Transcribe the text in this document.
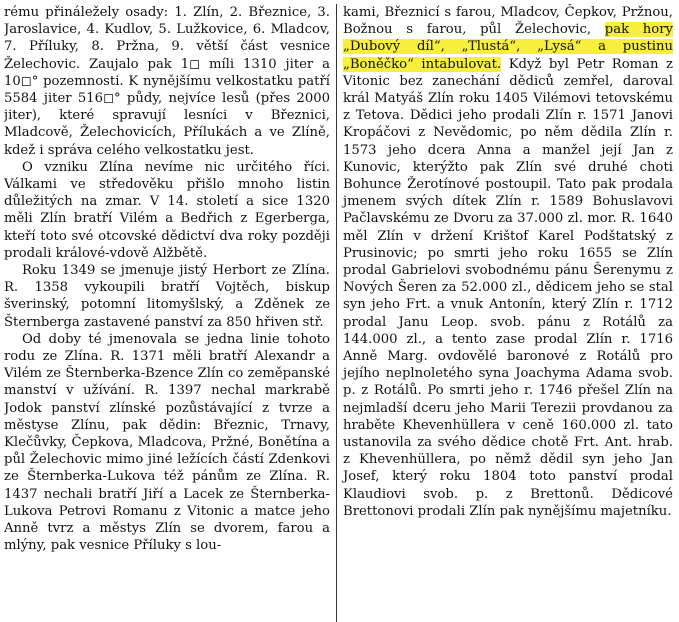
rému přináležely osady: 1. Zlín, 2. Březnice, 3. Jaroslavice, 4. Kudlov, 5. Lužkovice, 6. Mladcov, 7. Příluky, 8. Pržna, 9. větší část vesnice Želechovic. Zaujalo pak 1◻ míli 1310 jiter a 10◻° pozemnosti. K nynějšímu velkostatku patří 5584 jiter 516◻° půdy, nejvíce lesů (přes 2000 jiter), které spravují lesníci v Březnici, Mladcově, Želechovicích, Přílukách a ve Zlíně, kdež i správa celého velkostatku jest.

O vzniku Zlína nevíme nic určitého říci. Válkami ve středověku přišlo mnoho listin důležitých na zmar. V 14. století a sice 1320 měli Zlín bratří Vilém a Bedřich z Egerberga, kteří toto své otcovské dědictví dva roky později prodali králové-vdově Alžbětě.

Roku 1349 se jmenuje jistý Herbort ze Zlína. R. 1358 vykoupili bratří Vojtěch, biskup šverinský, potomní litomyšlský, a Zděnek ze Šternberga zastavené panství za 850 hřiven stř.

Od doby té jmenovala se jedna linie tohoto rodu ze Zlína. R. 1371 měli bratří Alexandr a Vilém ze Šternberka-Bzence Zlín co zeměpanské manství v užívání. R. 1397 nechal markrabě Jodok panství zlínské pozůstávající z tvrze a městyse Zlínu, pak dědin: Březnic, Trnavy, Klečůvky, Čepkova, Mladcova, Pržné, Bonětína a půl Želechovic mimo jiné ležících částí Zdenkovi ze Šternberka-Lukova též pánům ze Zlína. R. 1437 nechali bratří Jiří a Lacek ze Šternberka-Lukova Petrovi Romanu z Vitonic a matce jeho Anně tvrz a městys Zlín se dvorem, farou a mlýny, pak vesnice Příluky s lou-

kami, Březnicí s farou, Mladcov, Čepkov, Pržnou, Božnou s farou, půl Želechovic, pak hory „Dubový díl“, „Tlustá“, „Lysá“ a pustinu „Boněčko“ intabulovat. Když byl Petr Roman z Vitonic bez zanechání dědiců zemřel, daroval král Matyáš Zlín roku 1405 Vilémovi tetovskému z Tetova. Dědici jeho prodali Zlín r. 1571 Janovi Kropáčovi z Nevědomic, po něm dědila Zlín r. 1573 jeho dcera Anna a manžel její Jan z Kunovic, kterýžto pak Zlín své druhé choti Bohunce Žerotínové postoupil. Tato pak prodala jmenem svých dítek Zlín r. 1589 Bohuslavovi Pačlavskému ze Dvoru za 37.000 zl. mor. R. 1640 měl Zlín v držení Krištof Karel Podštatský z Prusinovic; po smrti jeho roku 1655 se Zlín prodal Gabrielovi svobodnému pánu Šerenymu z Nových Šeren za 52.000 zl., dědicem jeho se stal syn jeho Frt. a vnuk Antonín, který Zlín r. 1712 prodal Janu Leop. svob. pánu z Rotálů za 144.000 zl., a tento zase prodal Zlín r. 1716 Anně Marg. ovdovělé baronové z Rotálů pro jejího neplnoletého syna Joachyma Adama svob. p. z Rotálů. Po smrti jeho r. 1746 přešel Zlín na nejmladší dceru jeho Marii Terezii provdanou za hraběte Khevenhüllera v ceně 160.000 zl. tato ustanovila za svého dědice chotě Frt. Ant. hrab. z Khevenhüllera, po němž dědil syn jeho Jan Josef, který roku 1804 toto panství prodal Klaudiovi svob. p. z Brettonů. Dědicové Brettonovi prodali Zlín pak nynějšímu majetníku.
